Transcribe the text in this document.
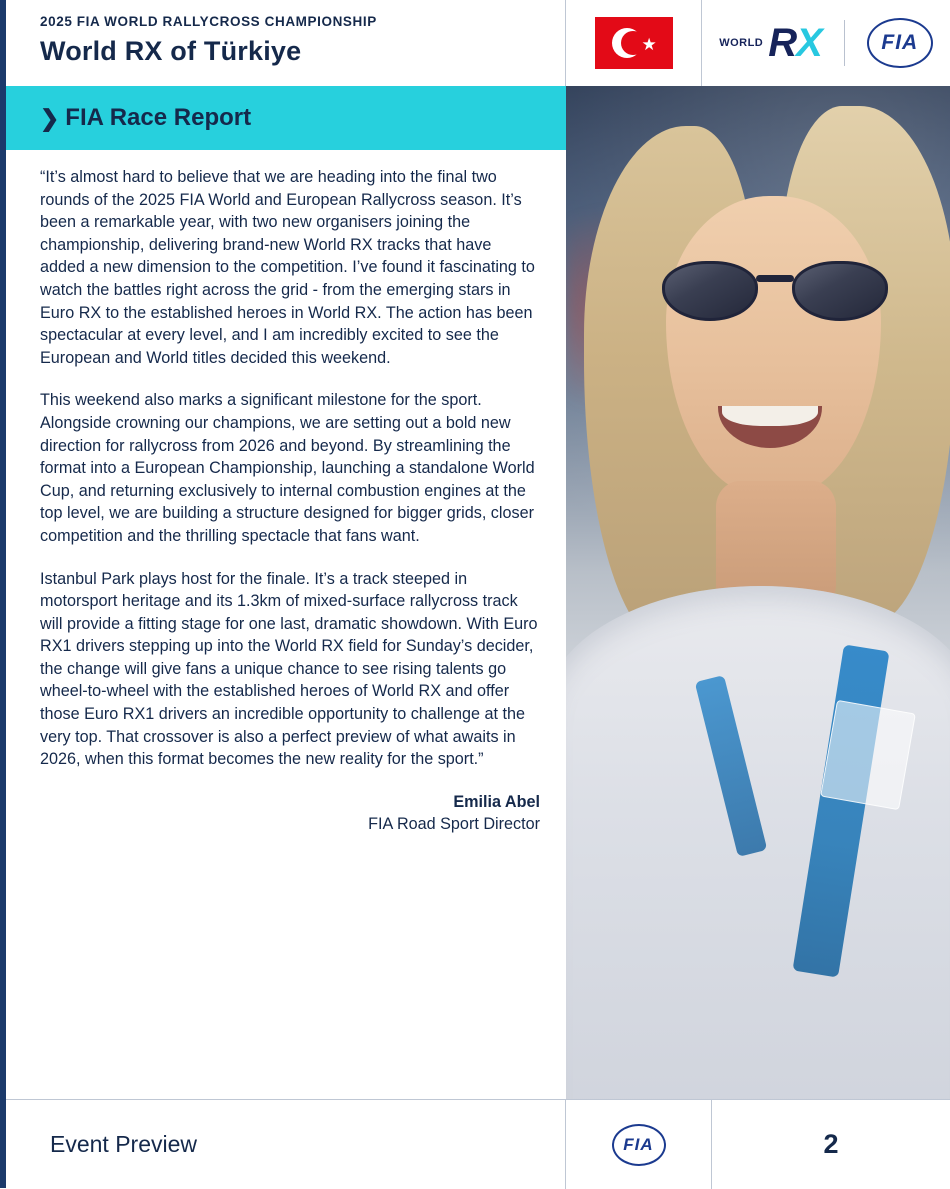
2025 FIA WORLD RALLYCROSS CHAMPIONSHIP
World RX of Türkiye	★	WORLD RX	FIA
❯ FIA Race Report

“It’s almost hard to believe that we are heading into the final two rounds of the 2025 FIA World and European Rallycross season. It’s been a remarkable year, with two new organisers joining the championship, delivering brand-new World RX tracks that have added a new dimension to the competition. I’ve found it fascinating to watch the battles right across the grid - from the emerging stars in Euro RX to the established heroes in World RX. The action has been spectacular at every level, and I am incredibly excited to see the European and World titles decided this weekend.

This weekend also marks a significant milestone for the sport. Alongside crowning our champions, we are setting out a bold new direction for rallycross from 2026 and beyond. By streamlining the format into a European Championship, launching a standalone World Cup, and returning exclusively to internal combustion engines at the top level, we are building a structure designed for bigger grids, closer competition and the thrilling spectacle that fans want.

Istanbul Park plays host for the finale. It’s a track steeped in motorsport heritage and its 1.3km of mixed-surface rallycross track will provide a fitting stage for one last, dramatic showdown. With Euro RX1 drivers stepping up into the World RX field for Sunday’s decider, the change will give fans a unique chance to see rising talents go wheel-to-wheel with the established heroes of World RX and offer those Euro RX1 drivers an incredible opportunity to challenge at the very top. That crossover is also a perfect preview of what awaits in 2026, when this format becomes the new reality for the sport.”

Emilia Abel
FIA Road Sport Director
Event Preview	FIA	2
